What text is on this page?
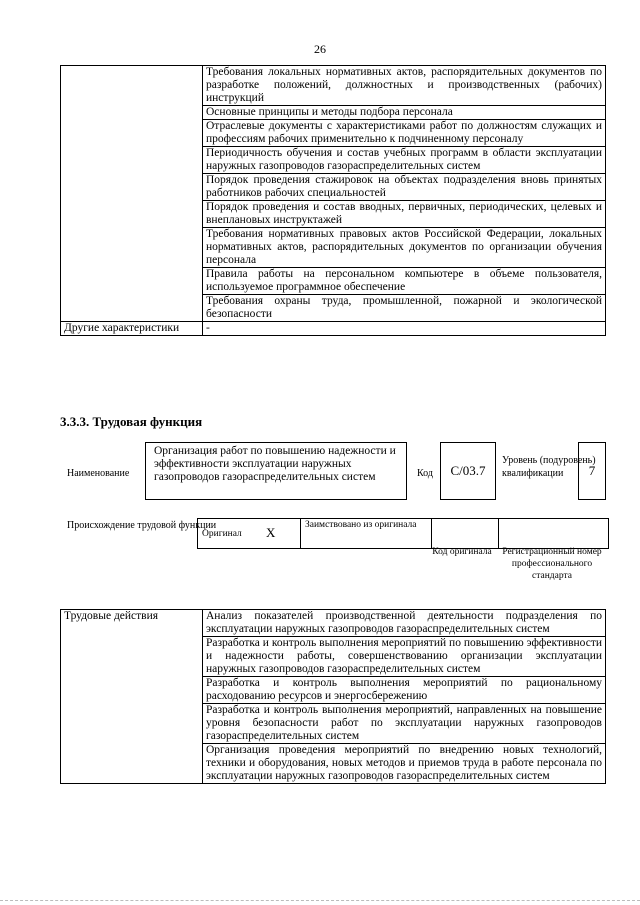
26
	Требования локальных нормативных актов, распорядительных документов по разработке положений, должностных и производственных (рабочих) инструкций
	Основные принципы и методы подбора персонала
	Отраслевые документы с характеристиками работ по должностям служащих и профессиям рабочих применительно к подчиненному персоналу
	Периодичность обучения и состав учебных программ в области эксплуатации наружных газопроводов газораспределительных систем
	Порядок проведения стажировок на объектах подразделения вновь принятых работников рабочих специальностей
	Порядок проведения и состав вводных, первичных, периодических, целевых и внеплановых инструктажей
	Требования нормативных правовых актов Российской Федерации, локальных нормативных актов, распорядительных документов по организации обучения персонала
	Правила работы на персональном компьютере в объеме пользователя, используемое программное обеспечение
	Требования охраны труда, промышленной, пожарной и экологической безопасности
Другие характеристики	-
3.3.3. Трудовая функция
Наименование
Организация работ по повышению надежности и эффективности эксплуатации наружных газопроводов газораспределительных систем	Код	С/03.7
Уровень (подуровень) квалификации	7
Происхождение трудовой функции
Оригинал X	Заимствовано из оригинала		
Код оригинала	Регистрационный номер профессионального стандарта
Трудовые действия	Анализ показателей производственной деятельности подразделения по эксплуатации наружных газопроводов газораспределительных систем
Разработка и контроль выполнения мероприятий по повышению эффективности и надежности работы, совершенствованию организации эксплуатации наружных газопроводов газораспределительных систем
Разработка и контроль выполнения мероприятий по рациональному расходованию ресурсов и энергосбережению
Разработка и контроль выполнения мероприятий, направленных на повышение уровня безопасности работ по эксплуатации наружных газопроводов газораспределительных систем
Организация проведения мероприятий по внедрению новых технологий, техники и оборудования, новых методов и приемов труда в работе персонала по эксплуатации наружных газопроводов газораспределительных систем
